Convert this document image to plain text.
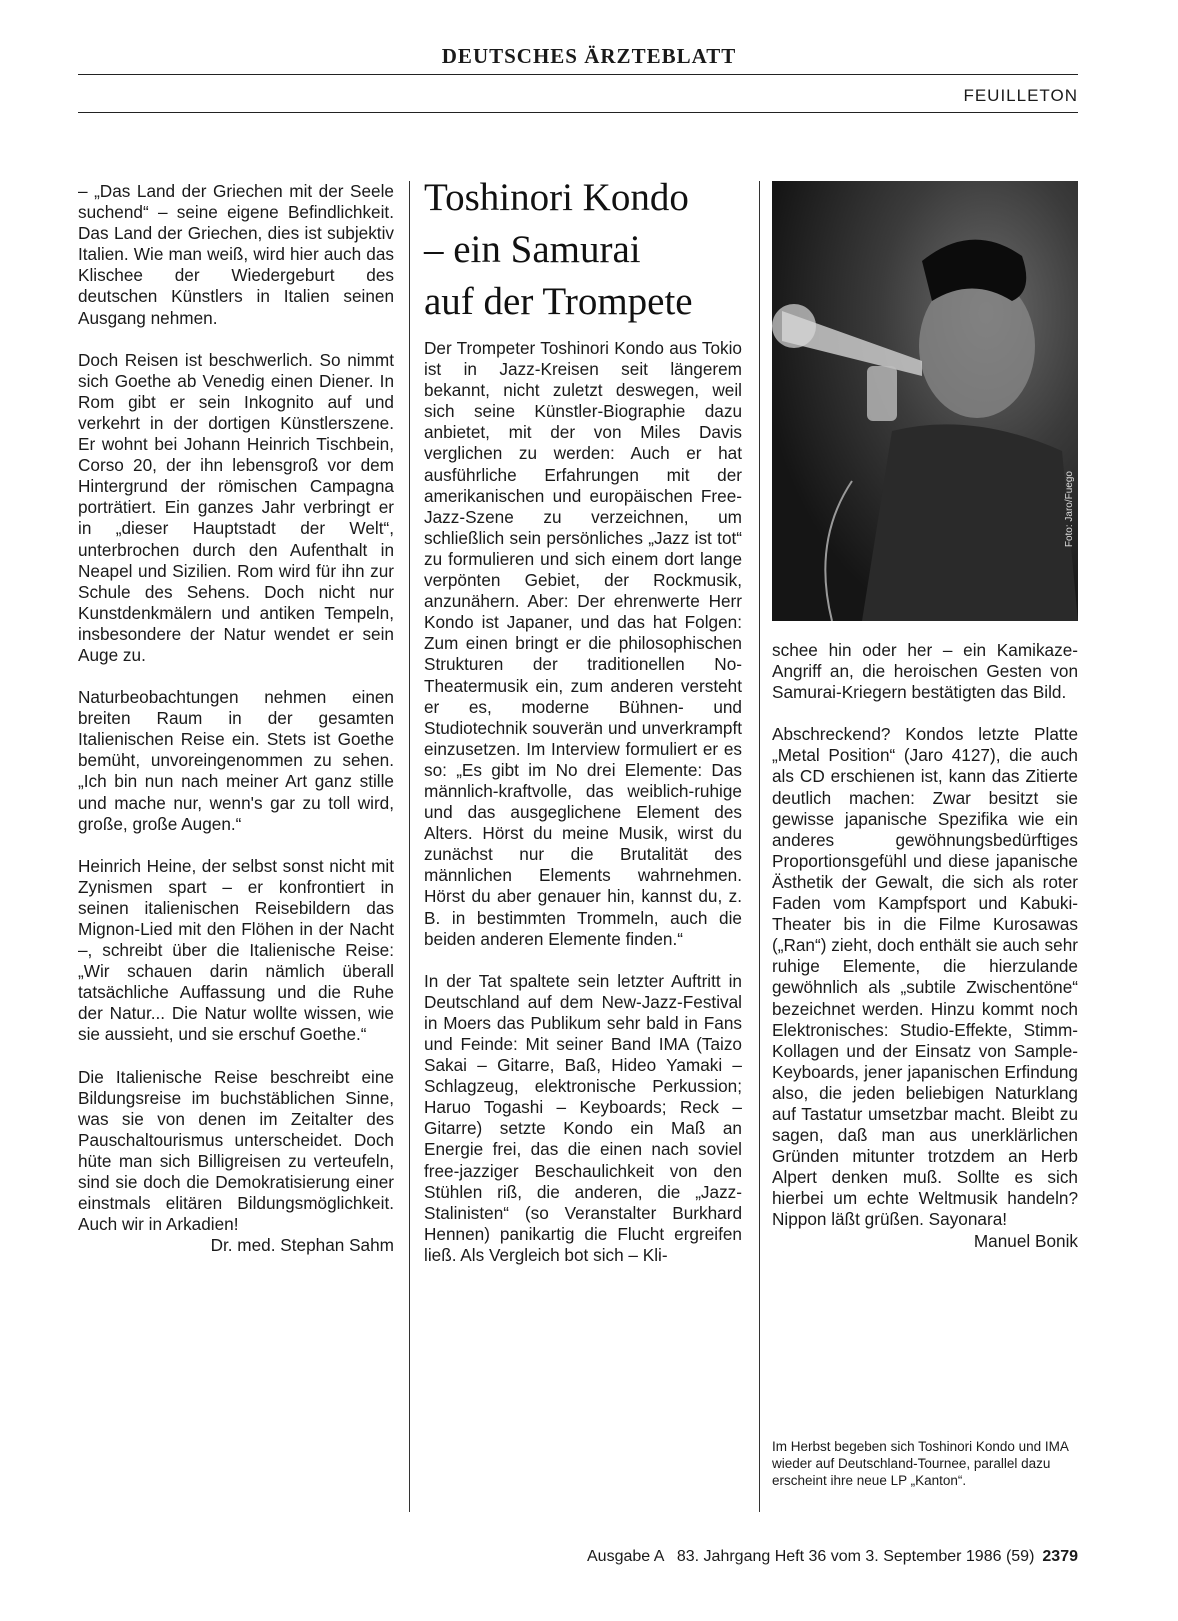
DEUTSCHES ÄRZTEBLATT
FEUILLETON

– „Das Land der Griechen mit der Seele suchend“ – seine eigene Befindlichkeit. Das Land der Griechen, dies ist subjektiv Italien. Wie man weiß, wird hier auch das Klischee der Wiedergeburt des deutschen Künstlers in Italien seinen Ausgang nehmen.

Doch Reisen ist beschwerlich. So nimmt sich Goethe ab Venedig einen Diener. In Rom gibt er sein Inkognito auf und verkehrt in der dortigen Künstlerszene. Er wohnt bei Johann Heinrich Tischbein, Corso 20, der ihn lebensgroß vor dem Hintergrund der römischen Campagna porträtiert. Ein ganzes Jahr verbringt er in „dieser Hauptstadt der Welt“, unterbrochen durch den Aufenthalt in Neapel und Sizilien. Rom wird für ihn zur Schule des Sehens. Doch nicht nur Kunstdenkmälern und antiken Tempeln, insbesondere der Natur wendet er sein Auge zu.

Naturbeobachtungen nehmen einen breiten Raum in der gesamten Italienischen Reise ein. Stets ist Goethe bemüht, unvoreingenommen zu sehen. „Ich bin nun nach meiner Art ganz stille und mache nur, wenn's gar zu toll wird, große, große Augen.“

Heinrich Heine, der selbst sonst nicht mit Zynismen spart – er konfrontiert in seinen italienischen Reisebildern das Mignon-Lied mit den Flöhen in der Nacht –, schreibt über die Italienische Reise: „Wir schauen darin nämlich überall tatsächliche Auffassung und die Ruhe der Natur... Die Natur wollte wissen, wie sie aussieht, und sie erschuf Goethe.“

Die Italienische Reise beschreibt eine Bildungsreise im buchstäblichen Sinne, was sie von denen im Zeitalter des Pauschaltourismus unterscheidet. Doch hüte man sich Billigreisen zu verteufeln, sind sie doch die Demokratisierung einer einstmals elitären Bildungsmöglichkeit. Auch wir in Arkadien!

Dr. med. Stephan Sahm
Toshinori Kondo
– ein Samurai
auf der Trompete

Der Trompeter Toshinori Kondo aus Tokio ist in Jazz-Kreisen seit längerem bekannt, nicht zuletzt deswegen, weil sich seine Künstler-Biographie dazu anbietet, mit der von Miles Davis verglichen zu werden: Auch er hat ausführliche Erfahrungen mit der amerikanischen und europäischen Free-Jazz-Szene zu verzeichnen, um schließlich sein persönliches „Jazz ist tot“ zu formulieren und sich einem dort lange verpönten Gebiet, der Rockmusik, anzunähern. Aber: Der ehrenwerte Herr Kondo ist Japaner, und das hat Folgen: Zum einen bringt er die philosophischen Strukturen der traditionellen No-Theatermusik ein, zum anderen versteht er es, moderne Bühnen- und Studiotechnik souverän und unverkrampft einzusetzen. Im Interview formuliert er es so: „Es gibt im No drei Elemente: Das männlich-kraftvolle, das weiblich-ruhige und das ausgeglichene Element des Alters. Hörst du meine Musik, wirst du zunächst nur die Brutalität des männlichen Elements wahrnehmen. Hörst du aber genauer hin, kannst du, z. B. in bestimmten Trommeln, auch die beiden anderen Elemente finden.“

In der Tat spaltete sein letzter Auftritt in Deutschland auf dem New-Jazz-Festival in Moers das Publikum sehr bald in Fans und Feinde: Mit seiner Band IMA (Taizo Sakai – Gitarre, Baß, Hideo Yamaki – Schlagzeug, elektronische Perkussion; Haruo Togashi – Keyboards; Reck – Gitarre) setzte Kondo ein Maß an Energie frei, das die einen nach soviel free-jazziger Beschaulichkeit von den Stühlen riß, die anderen, die „Jazz-Stalinisten“ (so Veranstalter Burkhard Hennen) panikartig die Flucht ergreifen ließ. Als Vergleich bot sich – Kli-

Foto: Jaro/Fuego

schee hin oder her – ein Kamikaze-Angriff an, die heroischen Gesten von Samurai-Kriegern bestätigten das Bild.

Abschreckend? Kondos letzte Platte „Metal Position“ (Jaro 4127), die auch als CD erschienen ist, kann das Zitierte deutlich machen: Zwar besitzt sie gewisse japanische Spezifika wie ein anderes gewöhnungsbedürftiges Proportionsgefühl und diese japanische Ästhetik der Gewalt, die sich als roter Faden vom Kampfsport und Kabuki-Theater bis in die Filme Kurosawas („Ran“) zieht, doch enthält sie auch sehr ruhige Elemente, die hierzulande gewöhnlich als „subtile Zwischentöne“ bezeichnet werden. Hinzu kommt noch Elektronisches: Studio-Effekte, Stimm-Kollagen und der Einsatz von Sample-Keyboards, jener japanischen Erfindung also, die jeden beliebigen Naturklang auf Tastatur umsetzbar macht. Bleibt zu sagen, daß man aus unerklärlichen Gründen mitunter trotzdem an Herb Alpert denken muß. Sollte es sich hierbei um echte Weltmusik handeln? Nippon läßt grüßen. Sayonara!

Manuel Bonik
Im Herbst begeben sich Toshinori Kondo und IMA wieder auf Deutschland-Tournee, parallel dazu erscheint ihre neue LP „Kanton“.
Ausgabe A   83. Jahrgang Heft 36 vom 3. September 1986 (59) 2379
